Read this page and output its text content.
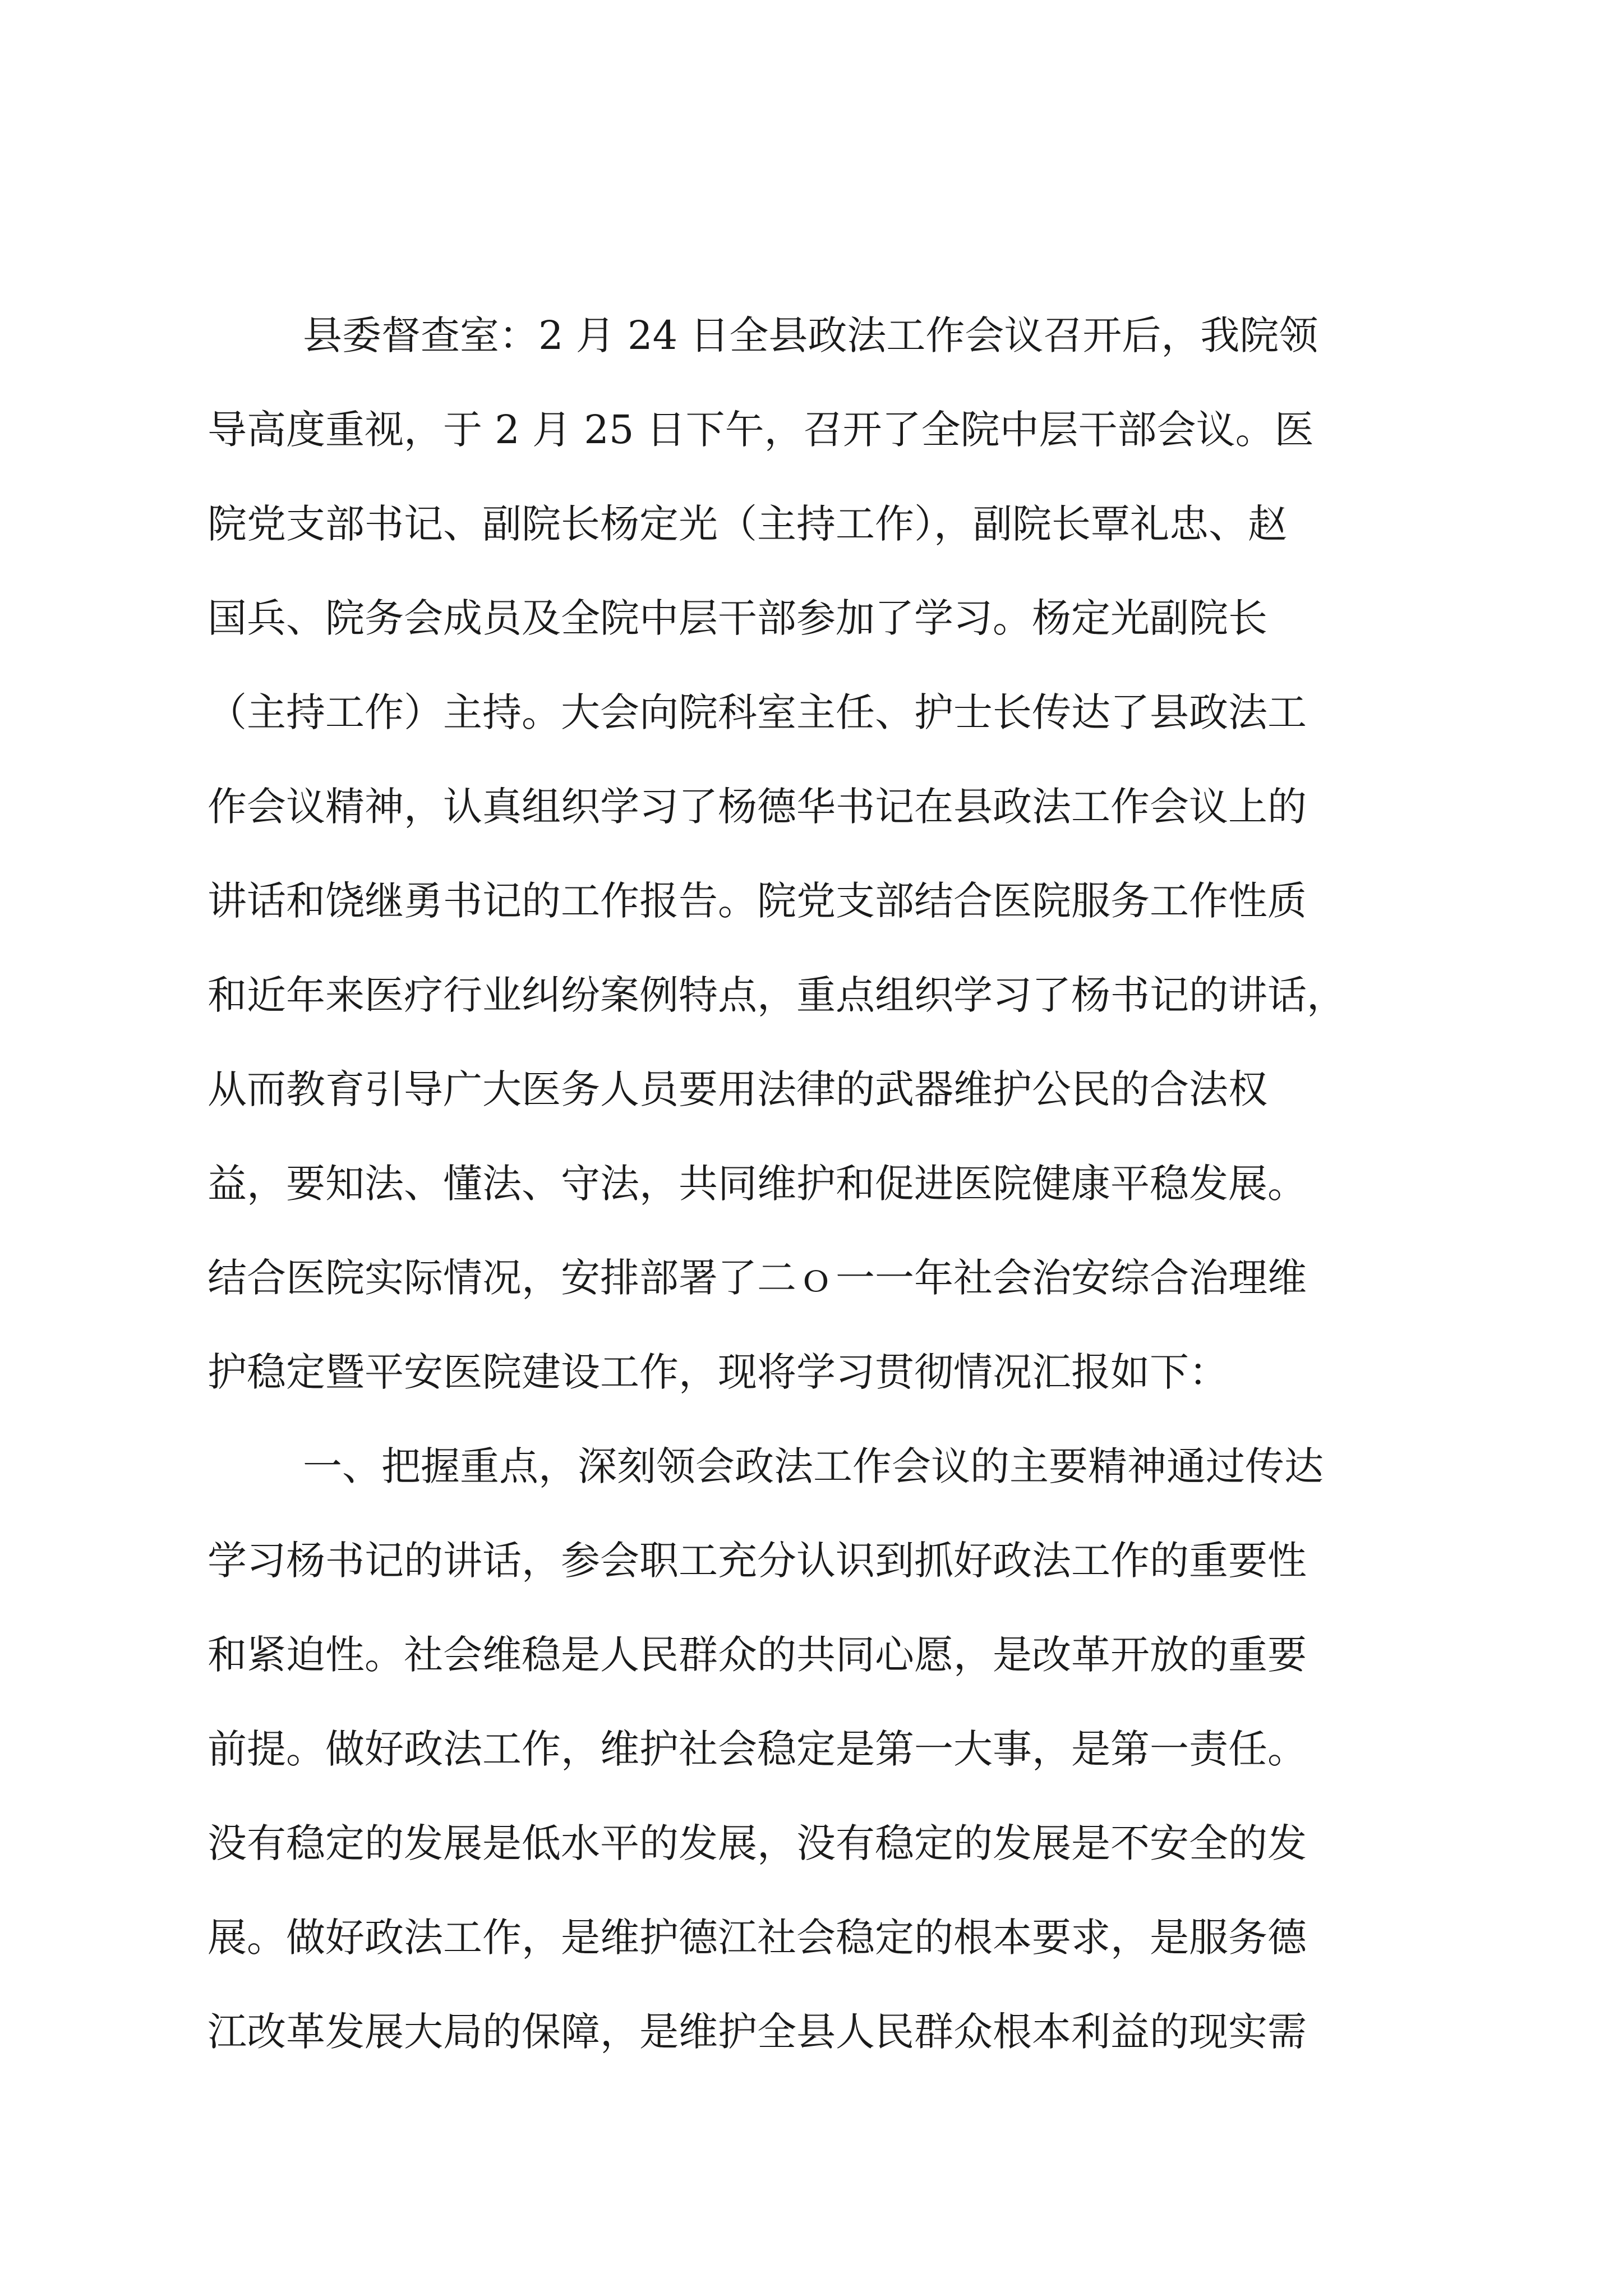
县委督查室：2 月 24 日全县政法工作会议召开后，我院领
导高度重视，于 2 月 25 日下午，召开了全院中层干部会议。医
院党支部书记、副院长杨定光（主持工作），副院长覃礼忠、赵
国兵、院务会成员及全院中层干部参加了学习。杨定光副院长
（主持工作）主持。大会向院科室主任、护士长传达了县政法工
作会议精神，认真组织学习了杨德华书记在县政法工作会议上的
讲话和饶继勇书记的工作报告。院党支部结合医院服务工作性质
和近年来医疗行业纠纷案例特点，重点组织学习了杨书记的讲话，
从而教育引导广大医务人员要用法律的武器维护公民的合法权
益，要知法、懂法、守法，共同维护和促进医院健康平稳发展。
结合医院实际情况，安排部署了二ｏ一一年社会治安综合治理维
护稳定暨平安医院建设工作，现将学习贯彻情况汇报如下：
一、把握重点，深刻领会政法工作会议的主要精神通过传达
学习杨书记的讲话，参会职工充分认识到抓好政法工作的重要性
和紧迫性。社会维稳是人民群众的共同心愿，是改革开放的重要
前提。做好政法工作，维护社会稳定是第一大事，是第一责任。
没有稳定的发展是低水平的发展，没有稳定的发展是不安全的发
展。做好政法工作，是维护德江社会稳定的根本要求，是服务德
江改革发展大局的保障，是维护全县人民群众根本利益的现实需
